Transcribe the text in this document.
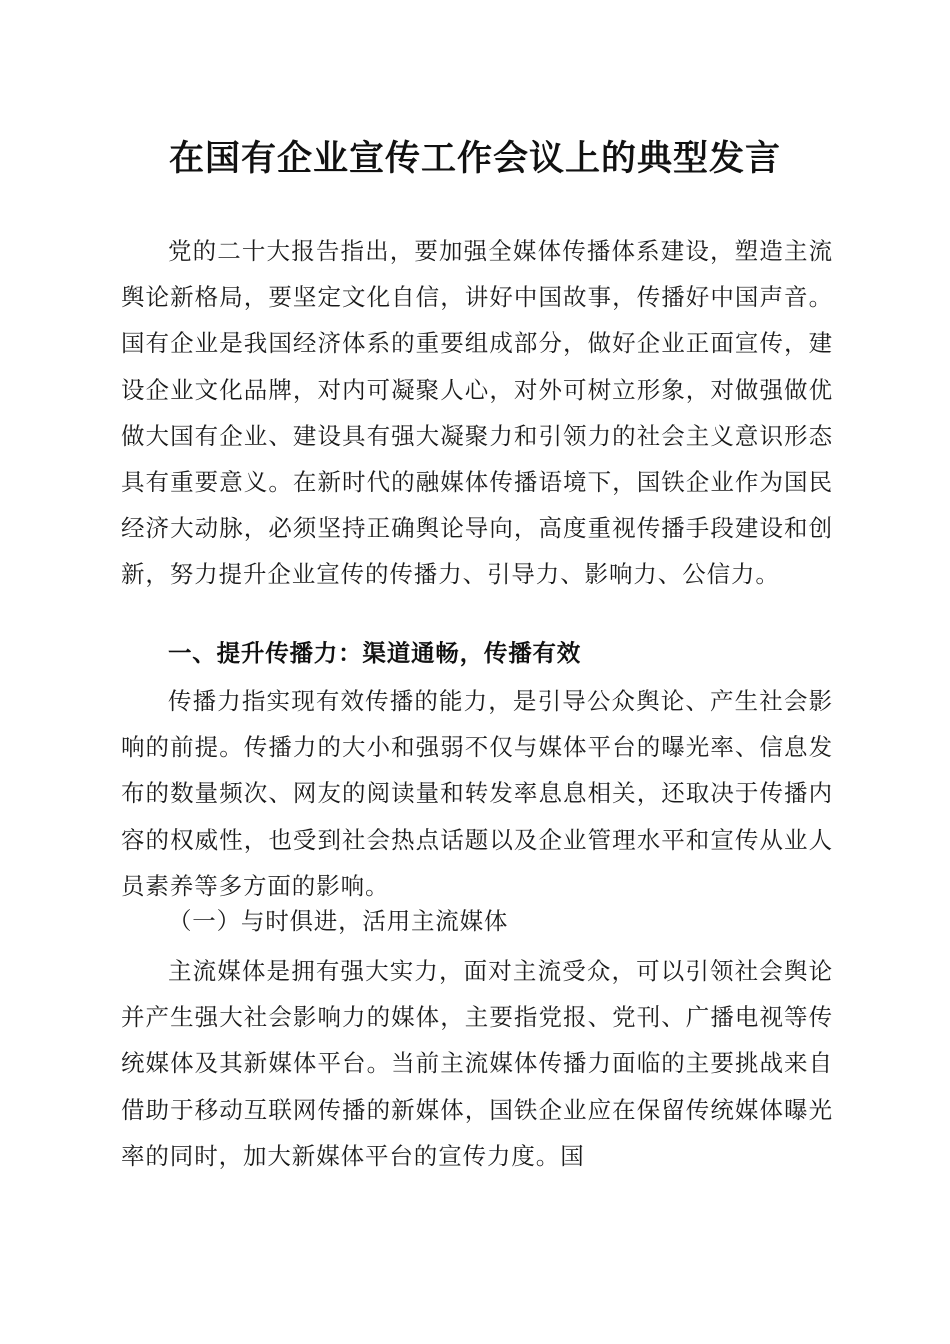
在国有企业宣传工作会议上的典型发言

党的二十大报告指出，要加强全媒体传播体系建设，塑造主流舆论新格局，要坚定文化自信，讲好中国故事，传播好中国声音。国有企业是我国经济体系的重要组成部分，做好企业正面宣传，建设企业文化品牌，对内可凝聚人心，对外可树立形象，对做强做优做大国有企业、建设具有强大凝聚力和引领力的社会主义意识形态具有重要意义。在新时代的融媒体传播语境下，国铁企业作为国民经济大动脉，必须坚持正确舆论导向，高度重视传播手段建设和创新，努力提升企业宣传的传播力、引导力、影响力、公信力。

一、提升传播力：渠道通畅，传播有效

传播力指实现有效传播的能力，是引导公众舆论、产生社会影响的前提。传播力的大小和强弱不仅与媒体平台的曝光率、信息发布的数量频次、网友的阅读量和转发率息息相关，还取决于传播内容的权威性，也受到社会热点话题以及企业管理水平和宣传从业人员素养等多方面的影响。

（一）与时俱进，活用主流媒体

主流媒体是拥有强大实力，面对主流受众，可以引领社会舆论并产生强大社会影响力的媒体，主要指党报、党刊、广播电视等传统媒体及其新媒体平台。当前主流媒体传播力面临的主要挑战来自借助于移动互联网传播的新媒体，国铁企业应在保留传统媒体曝光率的同时，加大新媒体平台的宣传力度。国
